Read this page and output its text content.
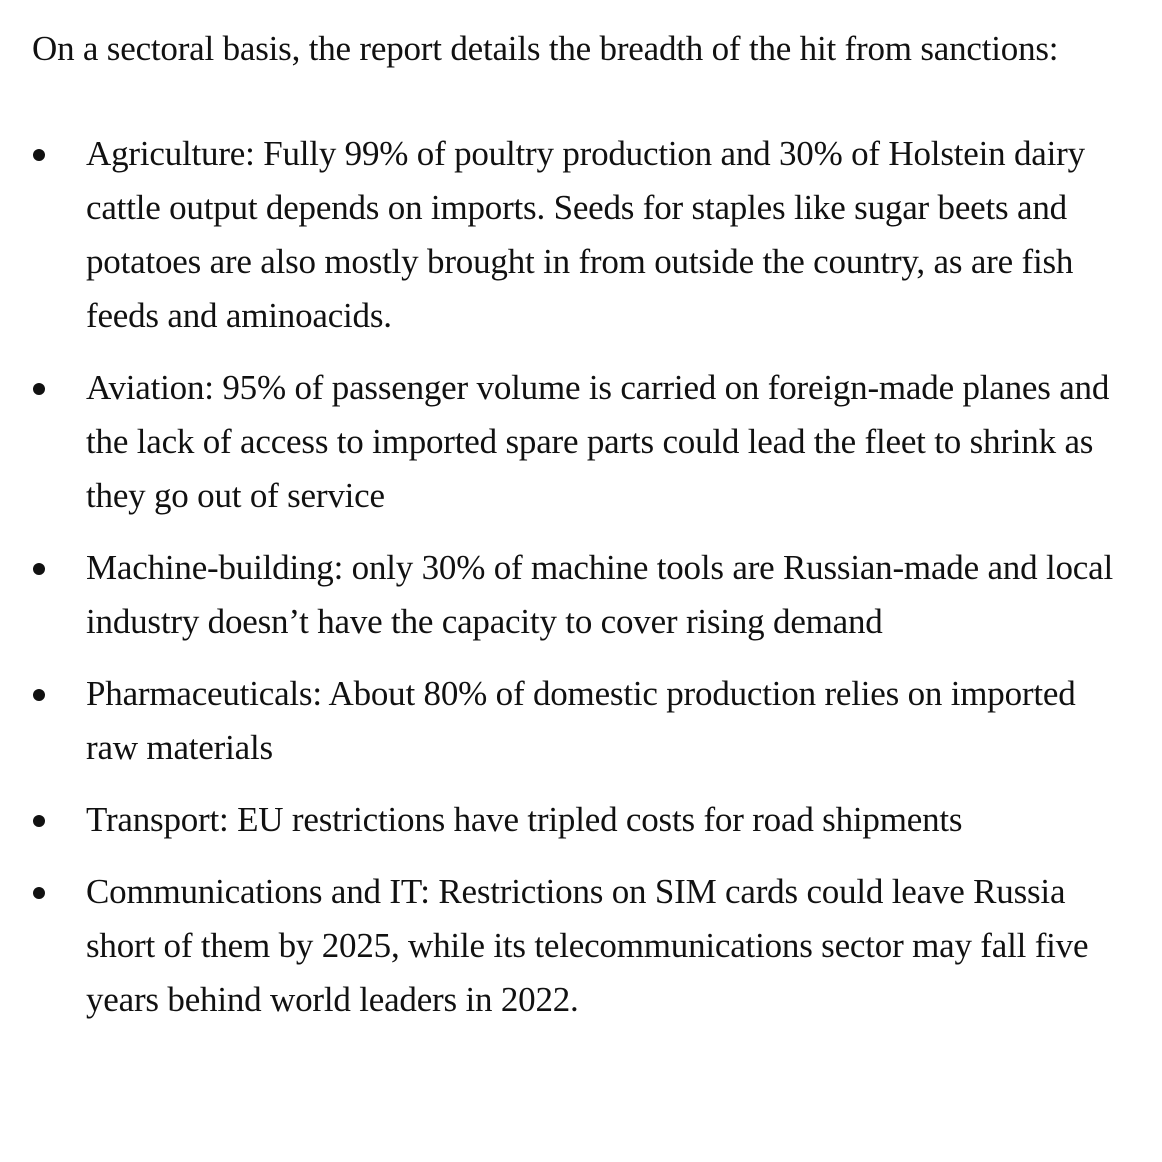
On a sectoral basis, the report details the breadth of the hit from sanctions:

Agriculture: Fully 99% of poultry production and 30% of Holstein dairy cattle output depends on imports. Seeds for staples like sugar beets and potatoes are also mostly brought in from outside the country, as are fish feeds and aminoacids.
Aviation: 95% of passenger volume is carried on foreign-made planes and the lack of access to imported spare parts could lead the fleet to shrink as they go out of service
Machine-building: only 30% of machine tools are Russian-made and local industry doesn’t have the capacity to cover rising demand
Pharmaceuticals: About 80% of domestic production relies on imported raw materials
Transport: EU restrictions have tripled costs for road shipments
Communications and IT: Restrictions on SIM cards could leave Russia short of them by 2025, while its telecommunications sector may fall five years behind world leaders in 2022.
